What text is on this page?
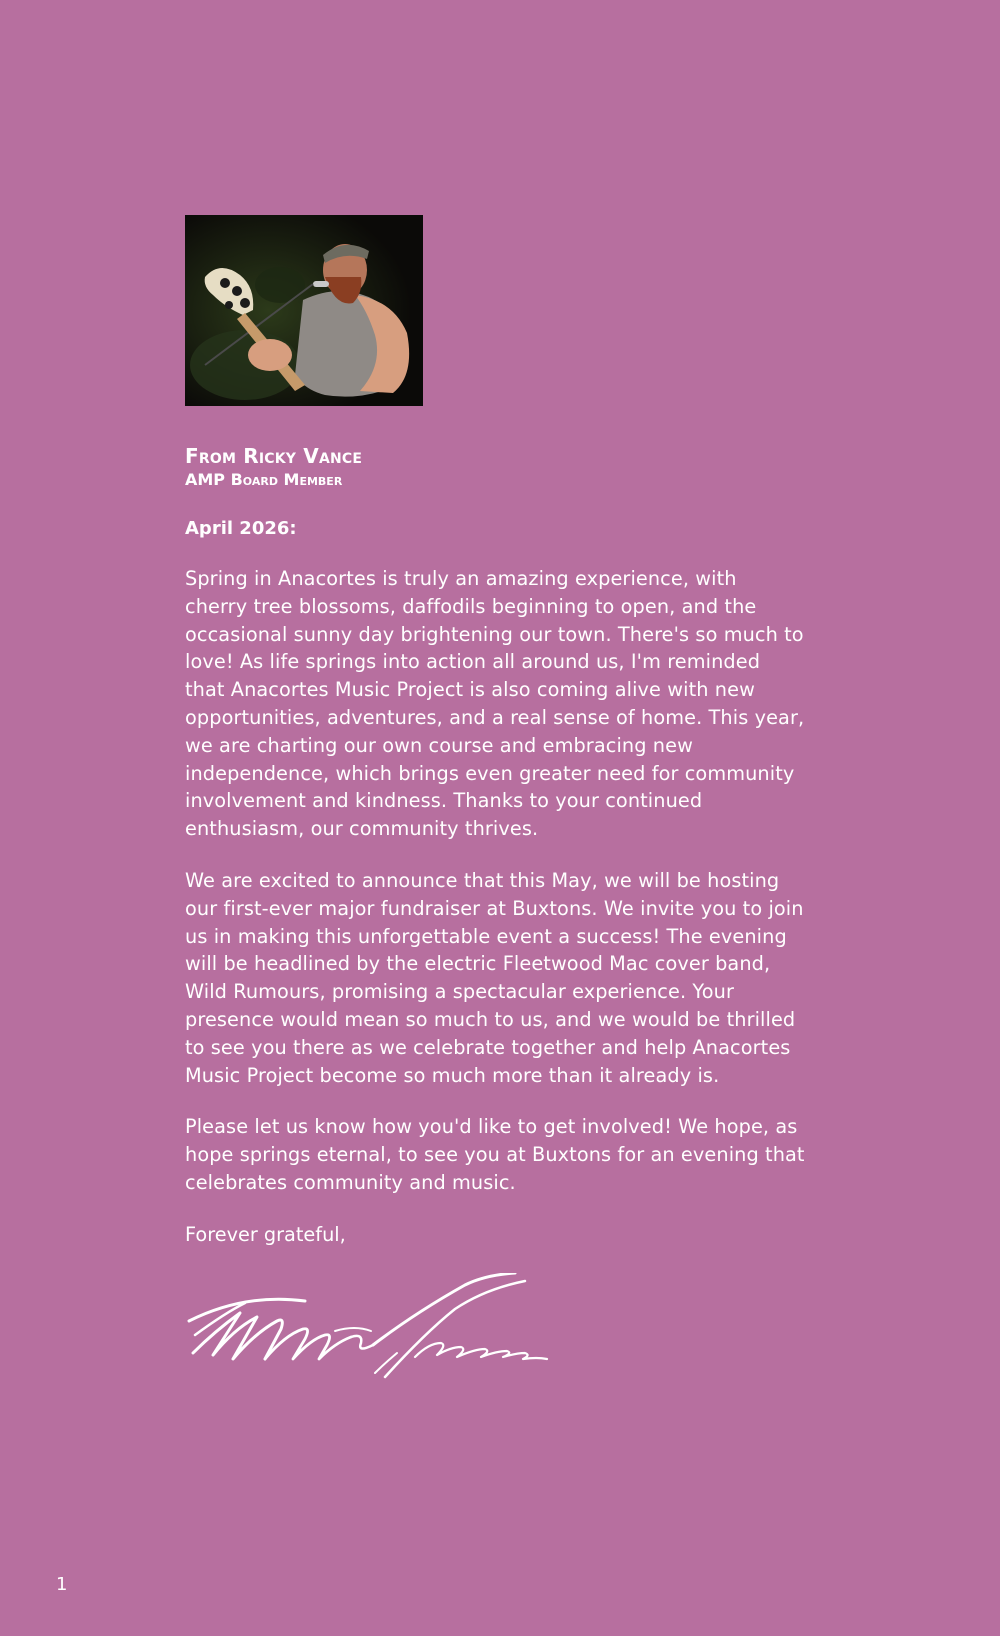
From Ricky Vance
AMP Board Member
April 2026:

Spring in Anacortes is truly an amazing experience, with cherry tree blossoms, daffodils beginning to open, and the occasional sunny day brightening our town. There's so much to love! As life springs into action all around us, I'm reminded that Anacortes Music Project is also coming alive with new opportunities, adventures, and a real sense of home. This year, we are charting our own course and embracing new independence, which brings even greater need for community involvement and kindness. Thanks to your continued enthusiasm, our community thrives.

We are excited to announce that this May, we will be hosting our first-ever major fundraiser at Buxtons. We invite you to join us in making this unforgettable event a success! The evening will be headlined by the electric Fleetwood Mac cover band, Wild Rumours, promising a spectacular experience. Your presence would mean so much to us, and we would be thrilled to see you there as we celebrate together and help Anacortes Music Project become so much more than it already is.

Please let us know how you'd like to get involved! We hope, as hope springs eternal, to see you at Buxtons for an evening that celebrates community and music.

Forever grateful,
1
